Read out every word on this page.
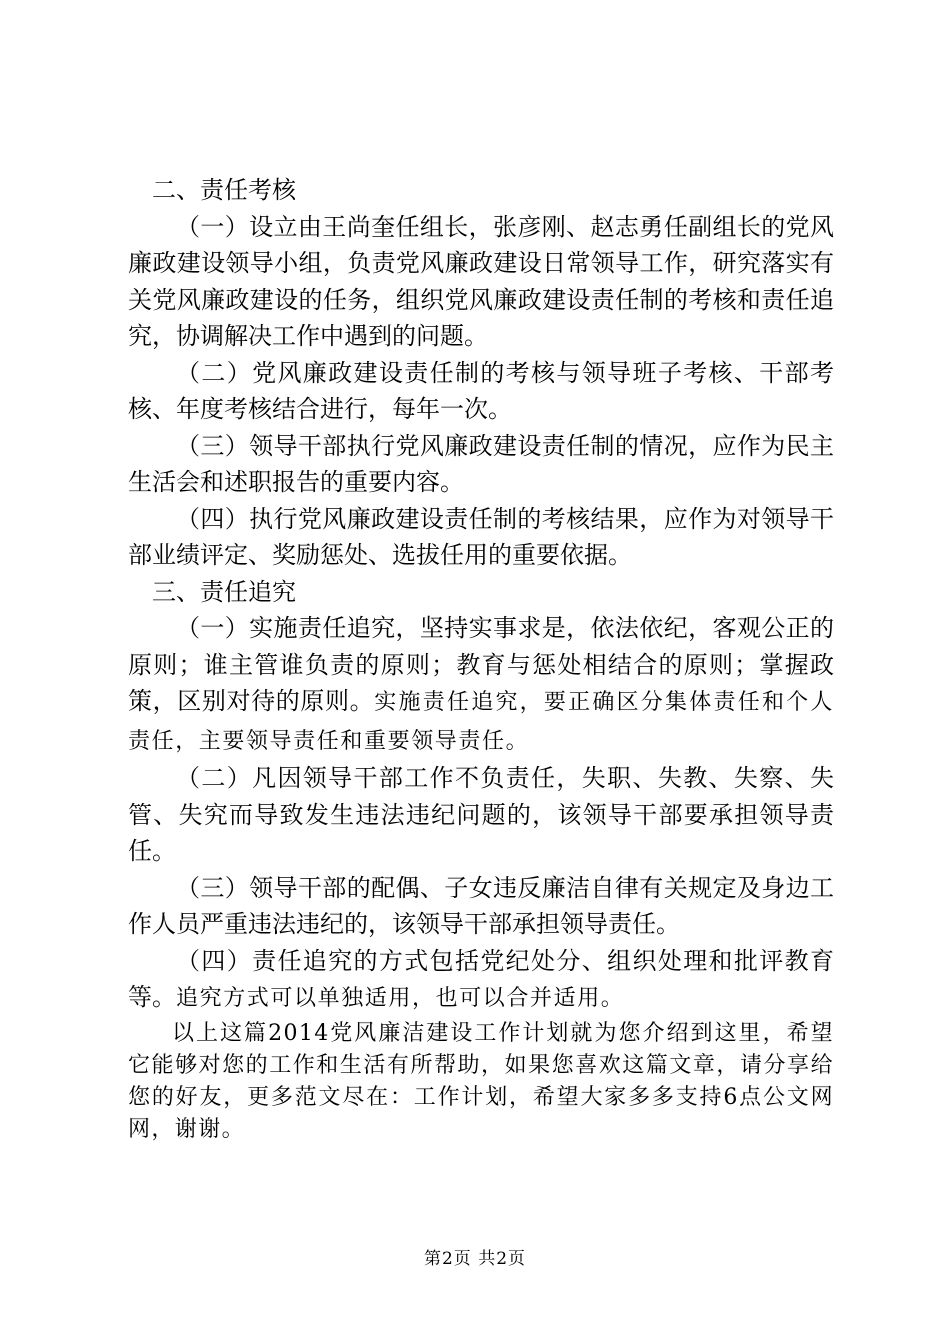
二、责任考核

（一）设立由王尚奎任组长，张彦刚、赵志勇任副组长的党风廉政建设领导小组，负责党风廉政建设日常领导工作，研究落实有关党风廉政建设的任务，组织党风廉政建设责任制的考核和责任追究，协调解决工作中遇到的问题。

（二）党风廉政建设责任制的考核与领导班子考核、干部考核、年度考核结合进行，每年一次。

（三）领导干部执行党风廉政建设责任制的情况，应作为民主生活会和述职报告的重要内容。

（四）执行党风廉政建设责任制的考核结果，应作为对领导干部业绩评定、奖励惩处、选拔任用的重要依据。

三、责任追究

（一）实施责任追究，坚持实事求是，依法依纪，客观公正的原则；谁主管谁负责的原则；教育与惩处相结合的原则；掌握政策，区别对待的原则。实施责任追究，要正确区分集体责任和个人责任，主要领导责任和重要领导责任。

（二）凡因领导干部工作不负责任，失职、失教、失察、失管、失究而导致发生违法违纪问题的，该领导干部要承担领导责任。

（三）领导干部的配偶、子女违反廉洁自律有关规定及身边工作人员严重违法违纪的，该领导干部承担领导责任。

（四）责任追究的方式包括党纪处分、组织处理和批评教育等。追究方式可以单独适用，也可以合并适用。

以上这篇2014党风廉洁建设工作计划就为您介绍到这里，希望它能够对您的工作和生活有所帮助，如果您喜欢这篇文章，请分享给您的好友，更多范文尽在：工作计划，希望大家多多支持6点公文网网，谢谢。

第2页 共2页
